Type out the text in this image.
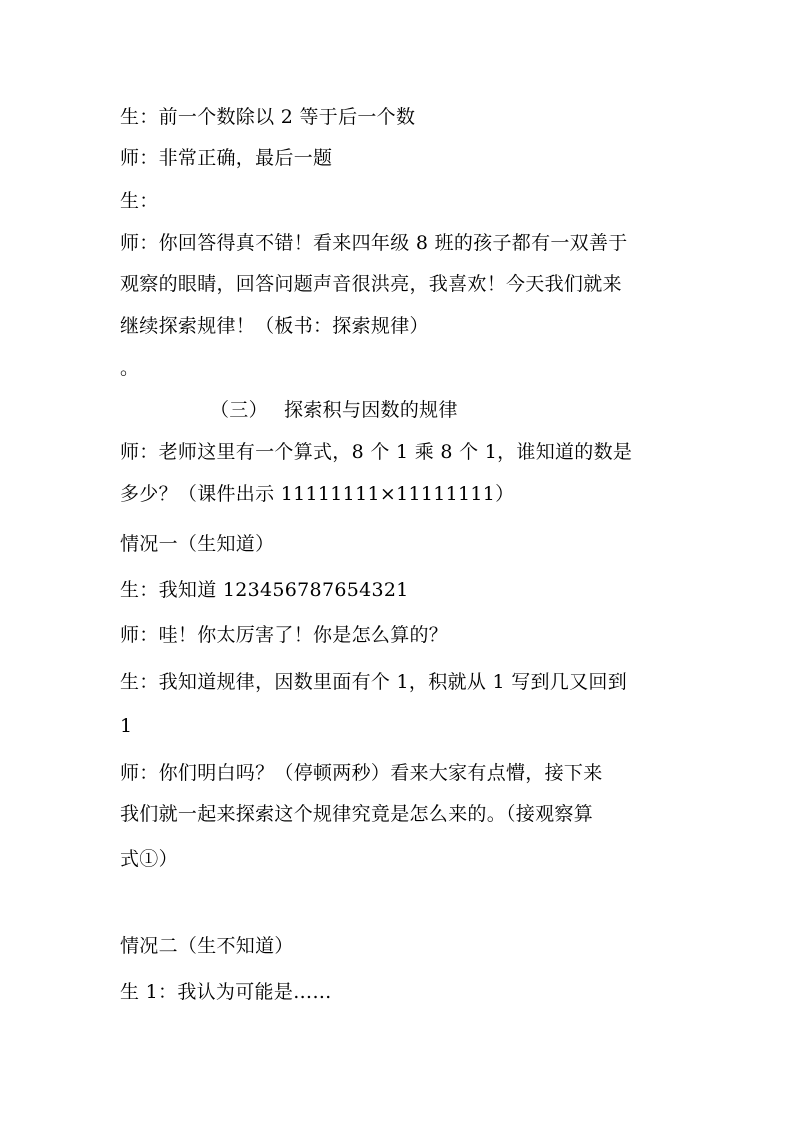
生：前一个数除以 2 等于后一个数
师：非常正确，最后一题
生：
师：你回答得真不错！看来四年级 8 班的孩子都有一双善于
观察的眼睛，回答问题声音很洪亮，我喜欢！今天我们就来
继续探索规律！（板书：探索规律）
。
（三）　 探索积与因数的规律
师：老师这里有一个算式，8 个 1 乘 8 个 1，谁知道的数是
多少？（课件出示 11111111×11111111）
情况一（生知道）
生：我知道 123456787654321
师：哇！你太厉害了！你是怎么算的？
生：我知道规律，因数里面有个 1，积就从 1 写到几又回到
1
师：你们明白吗？（停顿两秒）看来大家有点懵，接下来
我们就一起来探索这个规律究竟是怎么来的。（接观察算
式①）
情况二（生不知道）
生 1：我认为可能是……
